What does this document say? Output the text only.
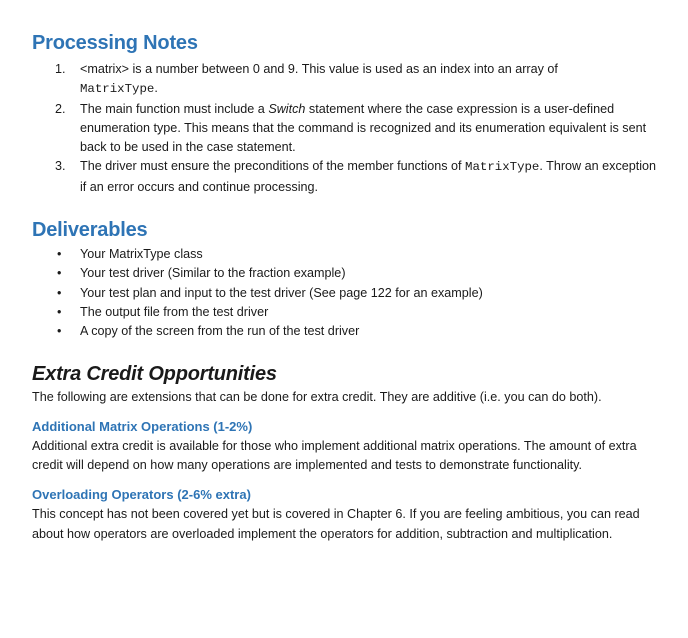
Processing Notes
1. <matrix> is a number between 0 and 9. This value is used as an index into an array of
MatrixType.
2. The main function must include a Switch statement where the case expression is a user-defined enumeration type. This means that the command is recognized and its enumeration equivalent is sent back to be used in the case statement.
3. The driver must ensure the preconditions of the member functions of MatrixType. Throw an exception if an error occurs and continue processing.
Deliverables
• Your MatrixType class
• Your test driver (Similar to the fraction example)
• Your test plan and input to the test driver (See page 122 for an example)
• The output file from the test driver
• A copy of the screen from the run of the test driver
Extra Credit Opportunities

The following are extensions that can be done for extra credit. They are additive (i.e. you can do both).

Additional Matrix Operations (1-2%)

Additional extra credit is available for those who implement additional matrix operations. The amount of extra credit will depend on how many operations are implemented and tests to demonstrate functionality.

Overloading Operators (2-6% extra)

This concept has not been covered yet but is covered in Chapter 6. If you are feeling ambitious, you can read about how operators are overloaded implement the operators for addition, subtraction and multiplication.
